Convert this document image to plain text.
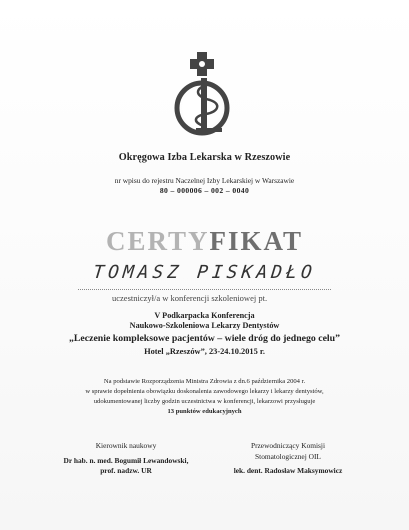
Okręgowa Izba Lekarska w Rzeszowie
nr wpisu do rejestru Naczelnej Izby Lekarskiej w Warszawie
80 – 000006 – 002 – 0040
CERTYFIKAT
TOMASZ PISKADŁO
uczestniczył/a w konferencji szkoleniowej pt.
V Podkarpacka Konferencja
Naukowo-Szkoleniowa Lekarzy Dentystów
„Leczenie kompleksowe pacjentów – wiele dróg do jednego celu”
Hotel „Rzeszów”, 23-24.10.2015 r.
Na podstawie Rozporządzenia Ministra Zdrowia z dn.6 października 2004 r.
w sprawie dopełnienia obowiązku doskonalenia zawodowego lekarzy i lekarzy dentystów,
udokumentowanej liczby godzin uczestnictwa w konferencji, lekarzowi przysługuje
13 punktów edukacyjnych
Kierownik naukowy
Dr hab. n. med. Bogumił Lewandowski,
prof. nadzw. UR
Przewodniczący Komisji
Stomatologicznej OIL
lek. dent. Radosław Maksymowicz
